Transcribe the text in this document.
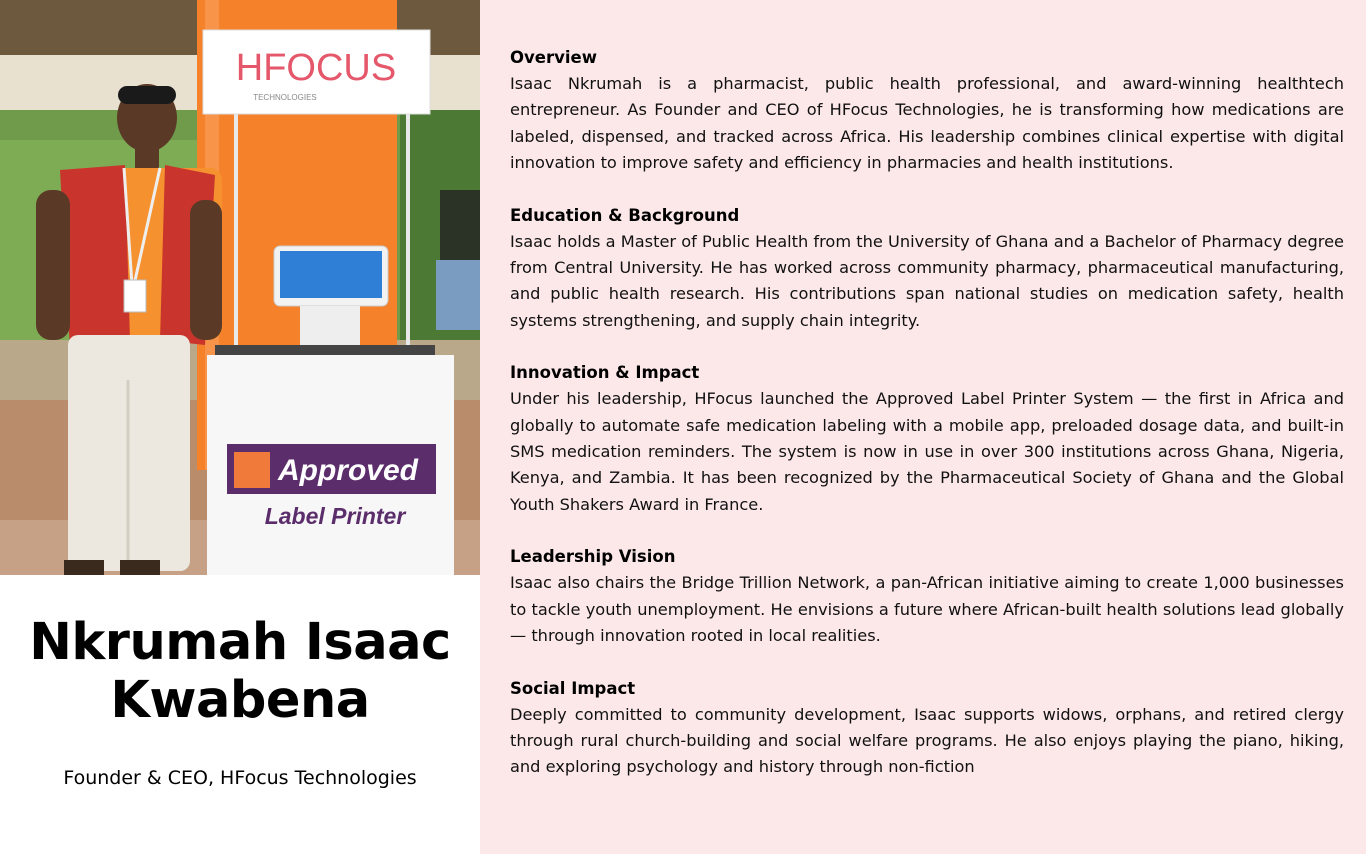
HFOCUS
TECHNOLOGIES
Approved
Label Printer
Nkrumah Isaac
Kwabena
Founder & CEO, HFocus Technologies
Overview

Isaac Nkrumah is a pharmacist, public health professional, and award-winning healthtech entrepreneur. As Founder and CEO of HFocus Technologies, he is transforming how medications are labeled, dispensed, and tracked across Africa. His leadership combines clinical expertise with digital innovation to improve safety and efficiency in pharmacies and health institutions.

Education & Background

Isaac holds a Master of Public Health from the University of Ghana and a Bachelor of Pharmacy degree from Central University. He has worked across community pharmacy, pharmaceutical manufacturing, and public health research. His contributions span national studies on medication safety, health systems strengthening, and supply chain integrity.

Innovation & Impact

Under his leadership, HFocus launched the Approved Label Printer System — the first in Africa and globally to automate safe medication labeling with a mobile app, preloaded dosage data, and built-in SMS medication reminders. The system is now in use in over 300 institutions across Ghana, Nigeria, Kenya, and Zambia. It has been recognized by the Pharmaceutical Society of Ghana and the Global Youth Shakers Award in France.

Leadership Vision

Isaac also chairs the Bridge Trillion Network, a pan-African initiative aiming to create 1,000 businesses to tackle youth unemployment. He envisions a future where African-built health solutions lead globally — through innovation rooted in local realities.

Social Impact

Deeply committed to community development, Isaac supports widows, orphans, and retired clergy through rural church-building and social welfare programs. He also enjoys playing the piano, hiking, and exploring psychology and history through non-fiction
